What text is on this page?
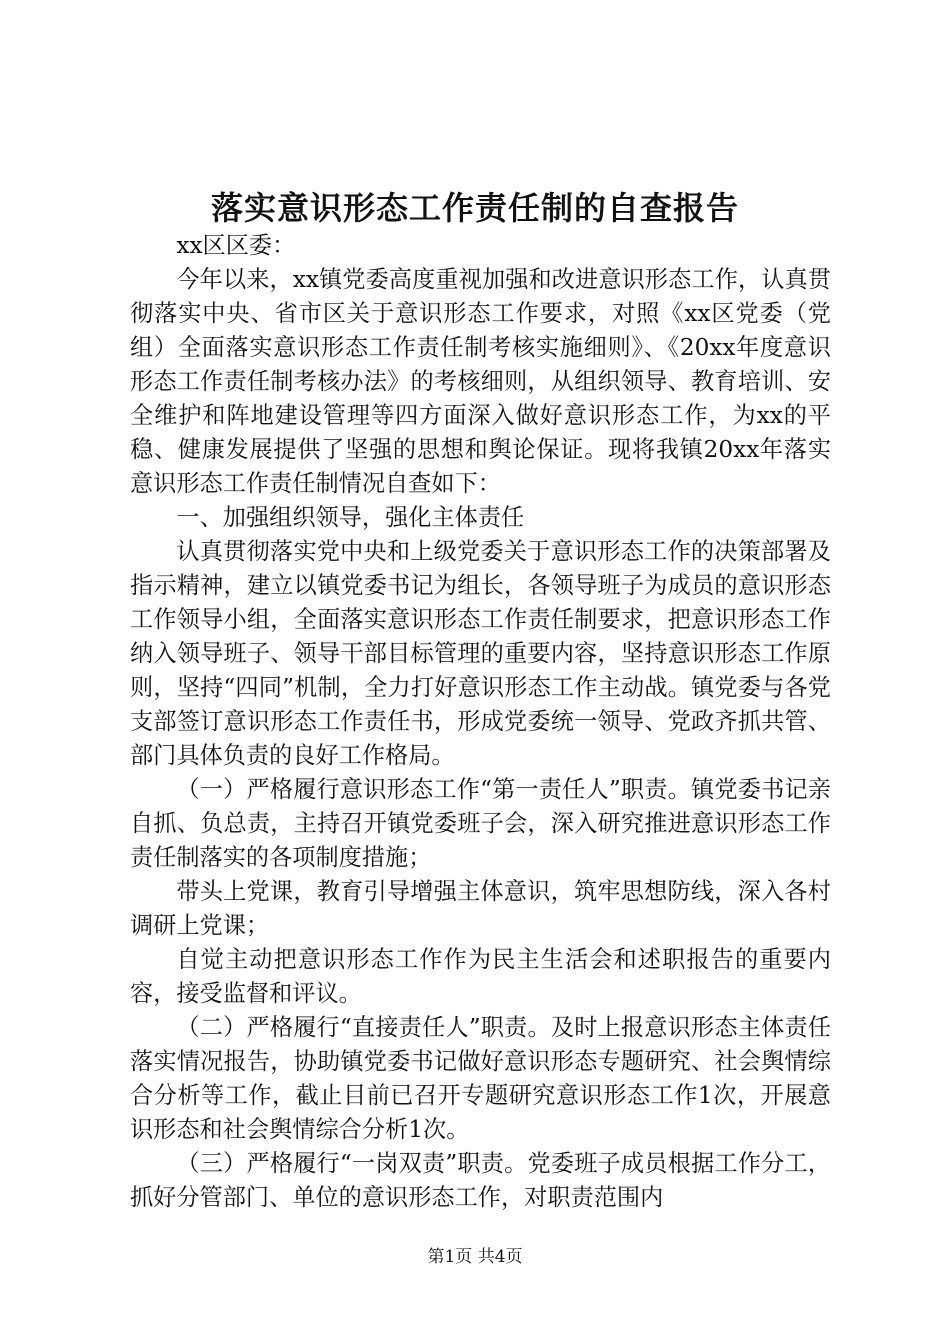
落实意识形态工作责任制的自查报告

xx区区委：

今年以来，xx镇党委高度重视加强和改进意识形态工作，认真贯彻落实中央、省市区关于意识形态工作要求，对照《xx区党委（党组）全面落实意识形态工作责任制考核实施细则》、《20xx年度意识形态工作责任制考核办法》的考核细则，从组织领导、教育培训、安全维护和阵地建设管理等四方面深入做好意识形态工作，为xx的平稳、健康发展提供了坚强的思想和舆论保证。现将我镇20xx年落实意识形态工作责任制情况自查如下：

一、加强组织领导，强化主体责任

认真贯彻落实党中央和上级党委关于意识形态工作的决策部署及指示精神，建立以镇党委书记为组长，各领导班子为成员的意识形态工作领导小组，全面落实意识形态工作责任制要求，把意识形态工作纳入领导班子、领导干部目标管理的重要内容，坚持意识形态工作原则，坚持“四同”机制，全力打好意识形态工作主动战。镇党委与各党支部签订意识形态工作责任书，形成党委统一领导、党政齐抓共管、部门具体负责的良好工作格局。

（一）严格履行意识形态工作“第一责任人”职责。镇党委书记亲自抓、负总责，主持召开镇党委班子会，深入研究推进意识形态工作责任制落实的各项制度措施；

带头上党课，教育引导增强主体意识，筑牢思想防线，深入各村调研上党课；

自觉主动把意识形态工作作为民主生活会和述职报告的重要内容，接受监督和评议。

（二）严格履行“直接责任人”职责。及时上报意识形态主体责任落实情况报告，协助镇党委书记做好意识形态专题研究、社会舆情综合分析等工作，截止目前已召开专题研究意识形态工作1次，开展意识形态和社会舆情综合分析1次。

（三）严格履行“一岗双责”职责。党委班子成员根据工作分工，抓好分管部门、单位的意识形态工作，对职责范围内

第1页 共4页
